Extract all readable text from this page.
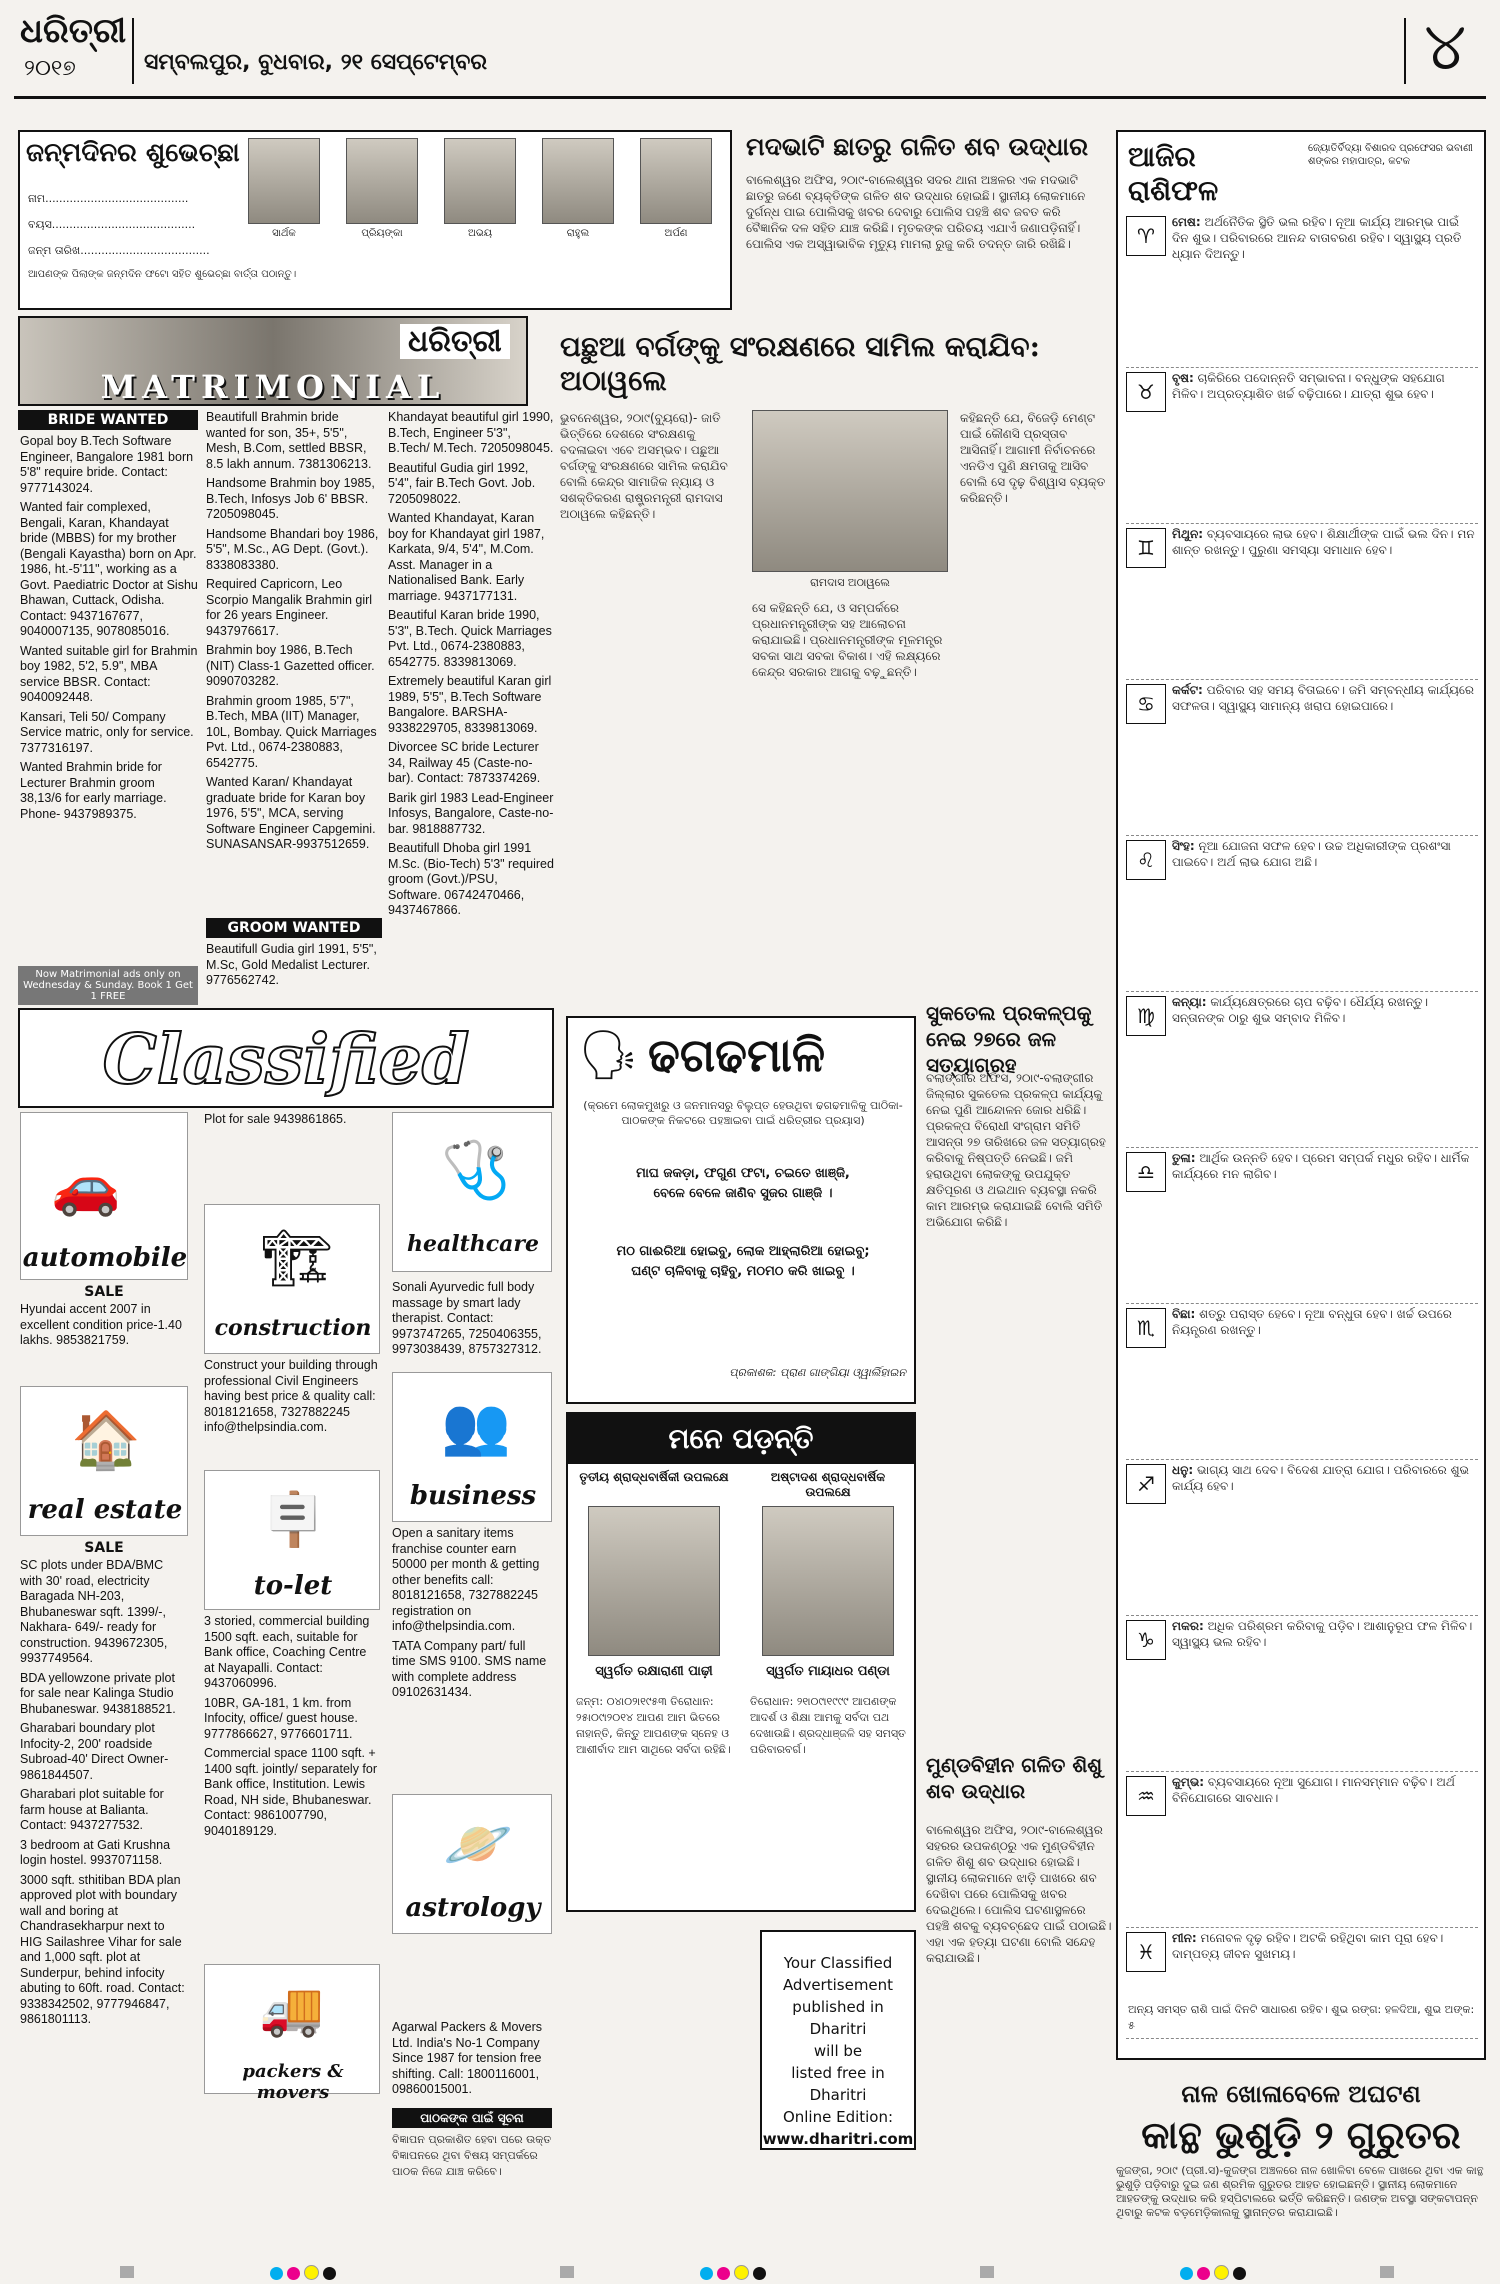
ଧରିତ୍ରୀ
୨୦୧୭	ସମ୍ବଲପୁର, ବୁଧବାର, ୨୧ ସେପ୍ଟେମ୍ବର	୪
ଜନ୍ମଦିନର ଶୁଭେଚ୍ଛା
ନାମ.........................................
ବୟସ.........................................
ଜନ୍ମ ତାରିଖ.....................................
ସାର୍ଥକ	ପ୍ରିୟଙ୍କା	ଅଭୟ	ରାହୁଲ	ଅର୍ପଣ
ଆପଣଙ୍କ ପିଲାଙ୍କ ଜନ୍ମଦିନ ଫଟୋ ସହିତ ଶୁଭେଚ୍ଛା ବାର୍ତ୍ତା ପଠାନ୍ତୁ।
ଧରିତ୍ରୀ
MATRIMONIAL
BRIDE WANTED

Gopal boy B.Tech Software Engineer, Bangalore 1981 born 5'8" require bride. Contact: 9777143024.

Wanted fair complexed, Bengali, Karan, Khandayat bride (MBBS) for my brother (Bengali Kayastha) born on Apr. 1986, ht.-5'11", working as a Govt. Paediatric Doctor at Sishu Bhawan, Cuttack, Odisha. Contact: 9437167677, 9040007135, 9078085016.

Wanted suitable girl for Brahmin boy 1982, 5'2, 5.9", MBA service BBSR. Contact: 9040092448.

Kansari, Teli 50/ Company Service matric, only for service. 7377316197.

Wanted Brahmin bride for Lecturer Brahmin groom 38,13/6 for early marriage. Phone- 9437989375.

Now Matrimonial ads only on Wednesday & Sunday. Book 1 Get 1 FREE

Beautifull Brahmin bride wanted for son, 35+, 5'5", Mesh, B.Com, settled BBSR, 8.5 lakh annum. 7381306213.

Handsome Brahmin boy 1985, B.Tech, Infosys Job 6' BBSR. 7205098045.

Handsome Bhandari boy 1986, 5'5", M.Sc., AG Dept. (Govt.). 8338083380.

Required Capricorn, Leo Scorpio Mangalik Brahmin girl for 26 years Engineer. 9437976617.

Brahmin boy 1986, B.Tech (NIT) Class-1 Gazetted officer. 9090703282.

Brahmin groom 1985, 5'7", B.Tech, MBA (IIT) Manager, 10L, Bombay. Quick Marriages Pvt. Ltd., 0674-2380883, 6542775.

Wanted Karan/ Khandayat graduate bride for Karan boy 1976, 5'5", MCA, serving Software Engineer Capgemini. SUNASANSAR-9937512659.

GROOM WANTED
Beautifull Gudia girl 1991, 5'5", M.Sc, Gold Medalist Lecturer. 9776562742.

Khandayat beautiful girl 1990, B.Tech, Engineer 5'3", B.Tech/ M.Tech. 7205098045.

Beautiful Gudia girl 1992, 5'4", fair B.Tech Govt. Job. 7205098022.

Wanted Khandayat, Karan boy for Khandayat girl 1987, Karkata, 9/4, 5'4", M.Com. Asst. Manager in a Nationalised Bank. Early marriage. 9437177131.

Beautiful Karan bride 1990, 5'3", B.Tech. Quick Marriages Pvt. Ltd., 0674-2380883, 6542775. 8339813069.

Extremely beautiful Karan girl 1989, 5'5", B.Tech Software Bangalore. BARSHA- 9338229705, 8339813069.

Divorcee SC bride Lecturer 34, Railway 45 (Caste-no-bar). Contact: 7873374269.

Barik girl 1983 Lead-Engineer Infosys, Bangalore, Caste-no-bar. 9818887732.

Beautifull Dhoba girl 1991 M.Sc. (Bio-Tech) 5'3" required groom (Govt.)/PSU, Software. 06742470466, 9437467866.

ମଦଭାଟି ଛାତରୁ ଗଳିତ ଶବ ଉଦ୍ଧାର
ବାଲେଶ୍ୱର ଅଫିସ, ୨୦ା୯-ବାଲେଶ୍ୱର ସଦର ଥାନା ଅଞ୍ଚଳର ଏକ ମଦଭାଟି ଛାତରୁ ଜଣେ ବ୍ୟକ୍ତିଙ୍କ ଗଳିତ ଶବ ଉଦ୍ଧାର ହୋଇଛି। ସ୍ଥାନୀୟ ଲୋକମାନେ ଦୁର୍ଗନ୍ଧ ପାଇ ପୋଲିସକୁ ଖବର ଦେବାରୁ ପୋଲିସ ପହଞ୍ଚି ଶବ ଜବତ କରି ବୈଜ୍ଞାନିକ ଦଳ ସହିତ ଯାଞ୍ଚ କରିଛି। ମୃତକଙ୍କ ପରିଚୟ ଏଯାଏଁ ଜଣାପଡ଼ିନାହିଁ। ପୋଲିସ ଏକ ଅସ୍ୱାଭାବିକ ମୃତ୍ୟୁ ମାମଲା ରୁଜୁ କରି ତଦନ୍ତ ଜାରି ରଖିଛି।
ପଛୁଆ ବର୍ଗଙ୍କୁ ସଂରକ୍ଷଣରେ ସାମିଲ କରାଯିବ: ଅଠାୱଲେ
ଭୁବନେଶ୍ୱର, ୨୦ା୯(ବ୍ୟୁରୋ)- ଜାତି ଭିତ୍ତିରେ ଦେଶରେ ସଂରକ୍ଷଣକୁ ବଦଳାଇବା ଏବେ ଅସମ୍ଭବ। ପଛୁଆ ବର୍ଗଙ୍କୁ ସଂରକ୍ଷଣରେ ସାମିଲ କରାଯିବ ବୋଲି କେନ୍ଦ୍ର ସାମାଜିକ ନ୍ୟାୟ ଓ ସଶକ୍ତିକରଣ ରାଷ୍ଟ୍ରମନ୍ତ୍ରୀ ରାମଦାସ ଅଠାୱଲେ କହିଛନ୍ତି।
ରାମଦାସ ଅଠାୱଲେ
ସେ କହିଛନ୍ତି ଯେ, ଓ ସମ୍ପର୍କରେ ପ୍ରଧାନମନ୍ତ୍ରୀଙ୍କ ସହ ଆଲୋଚନା କରାଯାଇଛି। ପ୍ରଧାନମନ୍ତ୍ରୀଙ୍କ ମୂଳମନ୍ତ୍ର ସବକା ସାଥ ସବକା ବିକାଶ। ଏହି ଲକ୍ଷ୍ୟରେ କେନ୍ଦ୍ର ସରକାର ଆଗକୁ ବଢ଼ୁଛନ୍ତି।
କହିଛନ୍ତି ଯେ, ବିଜେଡ଼ି ମେଣ୍ଟ ପାଇଁ କୌଣସି ପ୍ରସ୍ତାବ ଆସିନାହିଁ। ଆଗାମୀ ନିର୍ବାଚନରେ ଏନଡିଏ ପୁଣି କ୍ଷମତାକୁ ଆସିବ ବୋଲି ସେ ଦୃଢ଼ ବିଶ୍ୱାସ ବ୍ୟକ୍ତ କରିଛନ୍ତି।
Classified
🚗
automobile
SALE
Hyundai accent 2007 in excellent condition price-1.40 lakhs. 9853821759.
🏠
real estate
SALE

SC plots under BDA/BMC with 30' road, electricity Baragada NH-203, Bhubaneswar sqft. 1399/-, Nakhara- 649/- ready for construction. 9439672305, 9937749564.

BDA yellowzone private plot for sale near Kalinga Studio Bhubaneswar. 9438188521.

Gharabari boundary plot Infocity-2, 200' roadside Subroad-40' Direct Owner- 9861844507.

Gharabari plot suitable for farm house at Balianta. Contact: 9437277532.

3 bedroom at Gati Krushna login hostel. 9937071158.

3000 sqft. sthitiban BDA plan approved plot with boundary wall and boring at Chandrasekharpur next to HIG Sailashree Vihar for sale and 1,000 sqft. plot at Sunderpur, behind infocity abuting to 60ft. road. Contact: 9338342502, 9777946847, 9861801113.

Plot for sale 9439861865.
🏗
construction
Construct your building through professional Civil Engineers having best price & quality call: 8018121658, 7327882245 info@thelpsindia.com.
🪧
to-let

3 storied, commercial building 1500 sqft. each, suitable for Bank office, Coaching Centre at Nayapalli. Contact: 9437060996.

10BR, GA-181, 1 km. from Infocity, office/ guest house. 9777866627, 9776601711.

Commercial space 1100 sqft. + 1400 sqft. jointly/ separately for Bank office, Institution. Lewis Road, NH side, Bhubaneswar. Contact: 9861007790, 9040189129.

🚚
packers & movers
Agarwal Packers & Movers Ltd. India's No-1 Company Since 1987 for tension free shifting. Call: 1800116001, 09860015001.
🩺
healthcare
Sonali Ayurvedic full body massage by smart lady therapist. Contact: 9973747265, 7250406355, 9973038439, 8757327312.
👥
business

Open a sanitary items franchise counter earn 50000 per month & getting other benefits call: 8018121658, 7327882245 registration on info@thelpsindia.com.

TATA Company part/ full time SMS 9100. SMS name with complete address 09102631434.

🪐
astrology
ପାଠକଙ୍କ ପାଇଁ ସୂଚନା
ବିଜ୍ଞାପନ ପ୍ରକାଶିତ ହେବା ପରେ ଉକ୍ତ ବିଜ୍ଞାପନରେ ଥିବା ବିଷୟ ସମ୍ପର୍କରେ ପାଠକ ନିଜେ ଯାଞ୍ଚ କରିବେ।
🗣 ଢଗଢମାଳି
(କ୍ରମେ ଲୋକମୁଖରୁ ଓ ଜନମାନସରୁ ବିଲୁପ୍ତ ହେଉଥିବା ଢଗଢମାଳିକୁ ପାଠିକା-ପାଠକଙ୍କ ନିକଟରେ ପହଞ୍ଚାଇବା ପାଇଁ ଧରିତ୍ରୀର ପ୍ରୟାସ)
ମାଘ ଜକଡ଼ା, ଫଗୁଣ ଫଟା, ଚଇତେ ଖାଞ୍ଜି,
ବେଳେ ବେଳେ ଜାଣିବ ସୁଜର ଗାଞ୍ଜି ।
ମଠ ଗାଈରିଆ ହୋଇବୁ, ଲୋକ ଆହ୍ଲାରିଆ ହୋଇବୁ;
ଘଣ୍ଟ ଚାଳିବାକୁ ଚାହିବୁ, ମଠମଠ କରି ଖାଇବୁ ।
ପ୍ରକାଶକ: ପ୍ରାଣ ଗାଙ୍ଗିୟା ଓ୍ୱାର୍ଲିହାଇନ
ମନେ ପଡ଼ନ୍ତି
ତୃତୀୟ ଶ୍ରାଦ୍ଧବାର୍ଷିକୀ ଉପଲକ୍ଷେ	ଅଷ୍ଟାଦଶ ଶ୍ରାଦ୍ଧବାର୍ଷିକ ଉପଲକ୍ଷେ
ସ୍ୱର୍ଗତ ରକ୍ଷାରାଣୀ ପାଢ଼ୀ	ସ୍ୱର୍ଗତ ମାୟାଧର ପଣ୍ଡା
ଜନ୍ମ: ୦୪ା୦୨ା୧୯୫୩ ତିରୋଧାନ: ୨୫ା୦୯ା୨୦୧୪ ଆପଣ ଆମ ଭିତରେ ନାହାନ୍ତି, କିନ୍ତୁ ଆପଣଙ୍କ ସ୍ନେହ ଓ ଆଶୀର୍ବାଦ ଆମ ସାଥିରେ ସର୍ବଦା ରହିଛି।
ତିରୋଧାନ: ୨୧ା୦୯ା୧୯୯୯ ଆପଣଙ୍କ ଆଦର୍ଶ ଓ ଶିକ୍ଷା ଆମକୁ ସର୍ବଦା ପଥ ଦେଖାଉଛି। ଶ୍ରଦ୍ଧାଞ୍ଜଳି ସହ ସମସ୍ତ ପରିବାରବର୍ଗ।
Your Classified
Advertisement
published in Dharitri
will be
listed free in Dharitri
Online Edition:
www.dharitri.com
ସୁକତେଲ ପ୍ରକଳ୍ପକୁ ନେଇ ୨୭ରେ ଜଳ ସତ୍ୟାଗ୍ରହ
ବଲାଙ୍ଗୀର ଅଫିସ, ୨୦ା୯-ବଲାଙ୍ଗୀର ଜିଲ୍ଲାର ସୁକତେଲ ପ୍ରକଳ୍ପ କାର୍ଯ୍ୟକୁ ନେଇ ପୁଣି ଆନ୍ଦୋଳନ ଜୋର ଧରିଛି। ପ୍ରକଳ୍ପ ବିରୋଧୀ ସଂଗ୍ରାମ ସମିତି ଆସନ୍ତା ୨୭ ତାରିଖରେ ଜଳ ସତ୍ୟାଗ୍ରହ କରିବାକୁ ନିଷ୍ପତ୍ତି ନେଇଛି। ଜମି ହରାଉଥିବା ଲୋକଙ୍କୁ ଉପଯୁକ୍ତ କ୍ଷତିପୂରଣ ଓ ଥଇଥାନ ବ୍ୟବସ୍ଥା ନକରି କାମ ଆରମ୍ଭ କରାଯାଇଛି ବୋଲି ସମିତି ଅଭିଯୋଗ କରିଛି।
ମୁଣ୍ଡବିହୀନ ଗଳିତ ଶିଶୁ ଶବ ଉଦ୍ଧାର
ବାଲେଶ୍ୱର ଅଫିସ, ୨୦ା୯-ବାଲେଶ୍ୱର ସହରର ଉପକଣ୍ଠରୁ ଏକ ମୁଣ୍ଡବିହୀନ ଗଳିତ ଶିଶୁ ଶବ ଉଦ୍ଧାର ହୋଇଛି। ସ୍ଥାନୀୟ ଲୋକମାନେ ଝାଡ଼ି ପାଖରେ ଶବ ଦେଖିବା ପରେ ପୋଲିସକୁ ଖବର ଦେଇଥିଲେ। ପୋଲିସ ଘଟଣାସ୍ଥଳରେ ପହଞ୍ଚି ଶବକୁ ବ୍ୟବଚ୍ଛେଦ ପାଇଁ ପଠାଇଛି। ଏହା ଏକ ହତ୍ୟା ଘଟଣା ବୋଲି ସନ୍ଦେହ କରାଯାଉଛି।
ଆଜିର ରାଶିଫଳ
ଜ୍ୟୋତିର୍ବିଦ୍ୟା ବିଶାରଦ ପ୍ରଫେସର ଭବାଣୀ ଶଙ୍କର ମହାପାତ୍ର, କଟକ
♈
ମେଷ: ଅର୍ଥନୈତିକ ସ୍ଥିତି ଭଲ ରହିବ। ନୂଆ କାର୍ଯ୍ୟ ଆରମ୍ଭ ପାଇଁ ଦିନ ଶୁଭ। ପରିବାରରେ ଆନନ୍ଦ ବାତାବରଣ ରହିବ। ସ୍ୱାସ୍ଥ୍ୟ ପ୍ରତି ଧ୍ୟାନ ଦିଅନ୍ତୁ।
♉
ବୃଷ: ଚାକିରିରେ ପଦୋନ୍ନତି ସମ୍ଭାବନା। ବନ୍ଧୁଙ୍କ ସହଯୋଗ ମିଳିବ। ଅପ୍ରତ୍ୟାଶିତ ଖର୍ଚ୍ଚ ବଢ଼ିପାରେ। ଯାତ୍ରା ଶୁଭ ହେବ।
♊
ମିଥୁନ: ବ୍ୟବସାୟରେ ଲାଭ ହେବ। ଶିକ୍ଷାର୍ଥୀଙ୍କ ପାଇଁ ଭଲ ଦିନ। ମନ ଶାନ୍ତ ରଖନ୍ତୁ। ପୁରୁଣା ସମସ୍ୟା ସମାଧାନ ହେବ।
♋
କର୍କଟ: ପରିବାର ସହ ସମୟ ବିତାଇବେ। ଜମି ସମ୍ବନ୍ଧୀୟ କାର୍ଯ୍ୟରେ ସଫଳତା। ସ୍ୱାସ୍ଥ୍ୟ ସାମାନ୍ୟ ଖରାପ ହୋଇପାରେ।
♌
ସିଂହ: ନୂଆ ଯୋଜନା ସଫଳ ହେବ। ଉଚ୍ଚ ଅଧିକାରୀଙ୍କ ପ୍ରଶଂସା ପାଇବେ। ଅର୍ଥ ଲାଭ ଯୋଗ ଅଛି।
♍
କନ୍ୟା: କାର୍ଯ୍ୟକ୍ଷେତ୍ରରେ ଚାପ ବଢ଼ିବ। ଧୈର୍ଯ୍ୟ ରଖନ୍ତୁ। ସନ୍ତାନଙ୍କ ଠାରୁ ଶୁଭ ସମ୍ବାଦ ମିଳିବ।
♎
ତୁଳା: ଆର୍ଥିକ ଉନ୍ନତି ହେବ। ପ୍ରେମ ସମ୍ପର୍କ ମଧୁର ରହିବ। ଧାର୍ମିକ କାର୍ଯ୍ୟରେ ମନ ଲାଗିବ।
♏
ବିଛା: ଶତ୍ରୁ ପରାସ୍ତ ହେବେ। ନୂଆ ବନ୍ଧୁତା ହେବ। ଖର୍ଚ୍ଚ ଉପରେ ନିୟନ୍ତ୍ରଣ ରଖନ୍ତୁ।
♐
ଧନୁ: ଭାଗ୍ୟ ସାଥ ଦେବ। ବିଦେଶ ଯାତ୍ରା ଯୋଗ। ପରିବାରରେ ଶୁଭ କାର୍ଯ୍ୟ ହେବ।
♑
ମକର: ଅଧିକ ପରିଶ୍ରମ କରିବାକୁ ପଡ଼ିବ। ଆଶାନୁରୂପ ଫଳ ମିଳିବ। ସ୍ୱାସ୍ଥ୍ୟ ଭଲ ରହିବ।
♒
କୁମ୍ଭ: ବ୍ୟବସାୟରେ ନୂଆ ସୁଯୋଗ। ମାନସମ୍ମାନ ବଢ଼ିବ। ଅର୍ଥ ବିନିଯୋଗରେ ସାବଧାନ।
♓
ମୀନ: ମନୋବଳ ଦୃଢ଼ ରହିବ। ଅଟକି ରହିଥିବା କାମ ପୂରା ହେବ। ଦାମ୍ପତ୍ୟ ଜୀବନ ସୁଖମୟ।
ଅନ୍ୟ ସମସ୍ତ ରାଶି ପାଇଁ ଦିନଟି ସାଧାରଣ ରହିବ। ଶୁଭ ରଙ୍ଗ: ହଳଦିଆ, ଶୁଭ ଅଙ୍କ: ୫
ନାଳ ଖୋଳାବେଳେ ଅଘଟଣ
କାନ୍ଥ ଭୁଶୁଡ଼ି ୨ ଗୁରୁତର
କୁଜଙ୍ଗ, ୨୦ା୯ (ପ୍ରୀ.ସ)-କୁଜଙ୍ଗ ଅଞ୍ଚଳରେ ନାଳ ଖୋଳିବା ବେଳେ ପାଖରେ ଥିବା ଏକ କାନ୍ଥ ଭୁଶୁଡ଼ି ପଡ଼ିବାରୁ ଦୁଇ ଜଣ ଶ୍ରମିକ ଗୁରୁତର ଆହତ ହୋଇଛନ୍ତି। ସ୍ଥାନୀୟ ଲୋକମାନେ ଆହତଙ୍କୁ ଉଦ୍ଧାର କରି ହସ୍ପିଟାଲରେ ଭର୍ତ୍ତି କରିଛନ୍ତି। ଜଣଙ୍କ ଅବସ୍ଥା ସଙ୍କଟାପନ୍ନ ଥିବାରୁ କଟକ ବଡ଼ମେଡ଼ିକାଲକୁ ସ୍ଥାନାନ୍ତର କରାଯାଇଛି।
